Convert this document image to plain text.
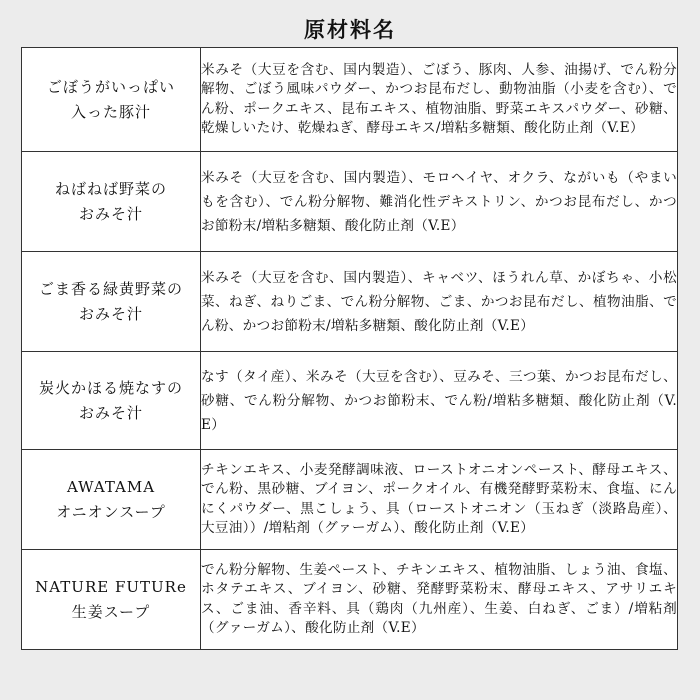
原材料名
ごぼうがいっぱい
入った豚汁	米みそ（大豆を含む、国内製造）、ごぼう、豚肉、人参、油揚げ、でん粉分解物、ごぼう風味パウダー、かつお昆布だし、動物油脂（小麦を含む）、でん粉、ポークエキス、昆布エキス、植物油脂、野菜エキスパウダー、砂糖、乾燥しいたけ、乾燥ねぎ、酵母エキス/増粘多糖類、酸化防止剤（V.E）

ねばねば野菜の
おみそ汁	米みそ（大豆を含む、国内製造）、モロヘイヤ、オクラ、ながいも（やまいもを含む）、でん粉分解物、難消化性デキストリン、かつお昆布だし、かつお節粉末/増粘多糖類、酸化防止剤（V.E）

ごま香る緑黄野菜の
おみそ汁	米みそ（大豆を含む、国内製造）、キャベツ、ほうれん草、かぼちゃ、小松菜、ねぎ、ねりごま、でん粉分解物、ごま、かつお昆布だし、植物油脂、でん粉、かつお節粉末/増粘多糖類、酸化防止剤（V.E）

炭火かほる焼なすの
おみそ汁	なす（タイ産）、米みそ（大豆を含む）、豆みそ、三つ葉、かつお昆布だし、砂糖、でん粉分解物、かつお節粉末、でん粉/増粘多糖類、酸化防止剤（V.E）

AWATAMA
オニオンスープ	チキンエキス、小麦発酵調味液、ローストオニオンペースト、酵母エキス、でん粉、黒砂糖、ブイヨン、ポークオイル、有機発酵野菜粉末、食塩、にんにくパウダー、黒こしょう、具（ローストオニオン（玉ねぎ（淡路島産）、大豆油））/増粘剤（グァーガム）、酸化防止剤（V.E）

NATURE FUTURe
生姜スープ	でん粉分解物、生姜ペースト、チキンエキス、植物油脂、しょう油、食塩、ホタテエキス、ブイヨン、砂糖、発酵野菜粉末、酵母エキス、アサリエキス、ごま油、香辛料、具（鶏肉（九州産）、生姜、白ねぎ、ごま）/増粘剤（グァーガム）、酸化防止剤（V.E）
